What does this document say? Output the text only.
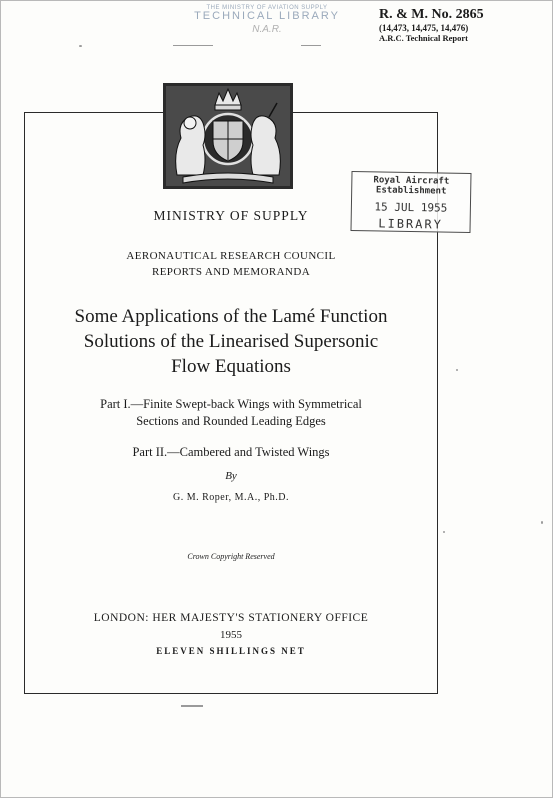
THE MINISTRY OF AVIATION SUPPLY
TECHNICAL LIBRARY
N.A.R.
R. & M. No. 2865
(14,473, 14,475, 14,476)
A.R.C. Technical Report
Royal Aircraft Establishment
15 JUL 1955
LIBRARY
MINISTRY OF SUPPLY
AERONAUTICAL RESEARCH COUNCIL
REPORTS AND MEMORANDA
Some Applications of the Lamé Function
Solutions of the Linearised Supersonic
Flow Equations
Part I.—Finite Swept-back Wings with Symmetrical
Sections and Rounded Leading Edges
Part II.—Cambered and Twisted Wings
By
G. M. Roper, M.A., Ph.D.
Crown Copyright Reserved
LONDON: HER MAJESTY'S STATIONERY OFFICE
1955
ELEVEN SHILLINGS NET
